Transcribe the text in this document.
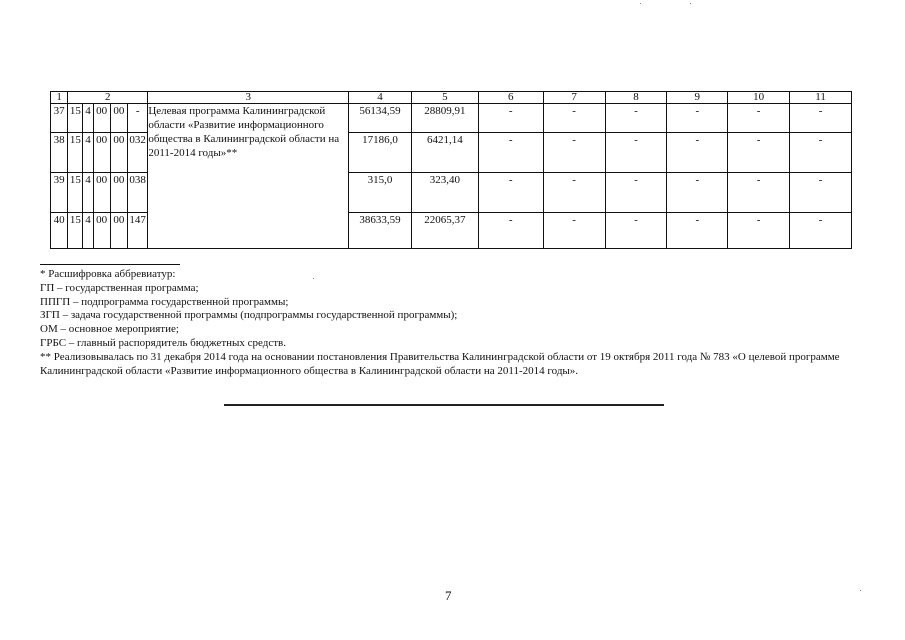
1	2					3	4	5	6	7	8	9	10	11
37	15	4	00	00	-	Целевая программа Калининградской области «Развитие информационного общества в Калининградской области на 2011-2014 годы»**	56134,59	28809,91	-	-	-	-	-	-
38	15	4	00	00	032		17186,0	6421,14	-	-	-	-	-	-
39	15	4	00	00	038		315,0	323,40	-	-	-	-	-	-
40	15	4	00	00	147		38633,59	22065,37	-	-	-	-	-	-
* Расшифровка аббревиатур:
ГП – государственная программа;
ППГП – подпрограмма государственной программы;
ЗГП – задача государственной программы (подпрограммы государственной программы);
ОМ – основное мероприятие;
ГРБС – главный распорядитель бюджетных средств.
** Реализовывалась по 31 декабря 2014 года на основании постановления Правительства Калининградской области от 19 октября 2011 года № 783 «О целевой программе Калининградской области «Развитие информационного общества в Калининградской области на 2011-2014 годы».
7
